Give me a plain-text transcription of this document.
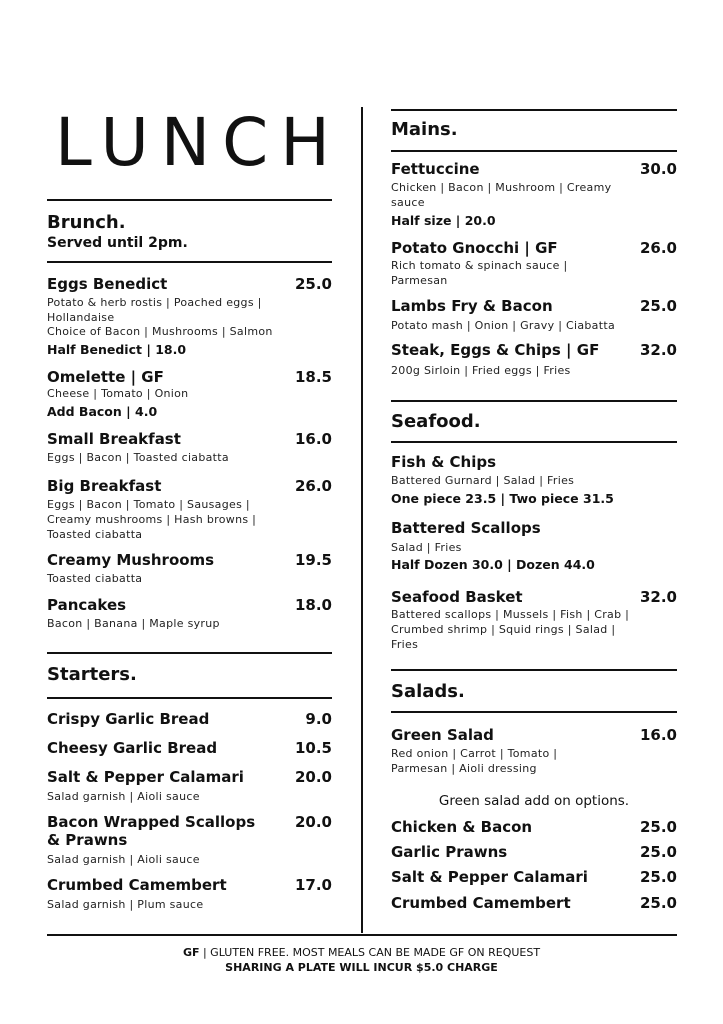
LUNCH
Brunch.
Served until 2pm.
Eggs Benedict	25.0
Potato & herb rostis | Poached eggs | Hollandaise
Choice of Bacon | Mushrooms | Salmon
Half Benedict | 18.0
Omelette | GF	18.5
Cheese | Tomato | Onion
Add Bacon | 4.0
Small Breakfast	16.0
Eggs | Bacon | Toasted ciabatta
Big Breakfast	26.0
Eggs | Bacon | Tomato | Sausages | Creamy mushrooms | Hash browns | Toasted ciabatta
Creamy Mushrooms	19.5
Toasted ciabatta
Pancakes	18.0
Bacon | Banana | Maple syrup
Starters.
Crispy Garlic Bread	9.0
Cheesy Garlic Bread	10.5
Salt & Pepper Calamari	20.0
Salad garnish | Aioli sauce
Bacon Wrapped Scallops & Prawns
20.0
Salad garnish | Aioli sauce
Crumbed Camembert	17.0
Salad garnish | Plum sauce
Mains.
Fettuccine	30.0
Chicken | Bacon | Mushroom | Creamy sauce
Half size | 20.0
Potato Gnocchi | GF	26.0
Rich tomato & spinach sauce | Parmesan
Lambs Fry & Bacon	25.0
Potato mash | Onion | Gravy | Ciabatta
Steak, Eggs & Chips | GF	32.0
200g Sirloin | Fried eggs | Fries
Seafood.
Fish & Chips
Battered Gurnard | Salad | Fries
One piece 23.5 | Two piece 31.5
Battered Scallops
Salad | Fries
Half Dozen 30.0 | Dozen 44.0
Seafood Basket	32.0
Battered scallops | Mussels | Fish | Crab | Crumbed shrimp | Squid rings | Salad | Fries
Salads.
Green Salad	16.0
Red onion | Carrot | Tomato | Parmesan | Aioli dressing
Green salad add on options.
Chicken & Bacon	25.0
Garlic Prawns	25.0
Salt & Pepper Calamari	25.0
Crumbed Camembert	25.0
GF | GLUTEN FREE. MOST MEALS CAN BE MADE GF ON REQUEST
SHARING A PLATE WILL INCUR $5.0 CHARGE
